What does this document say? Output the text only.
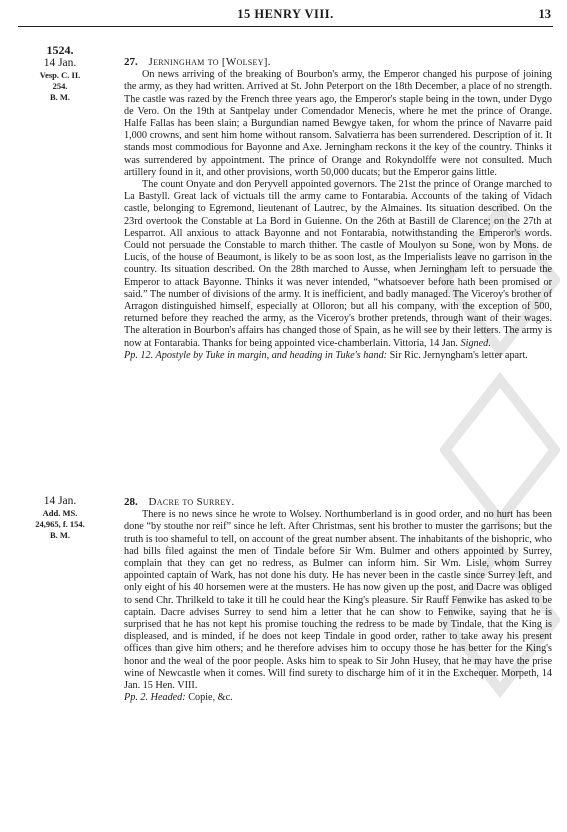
15 HENRY VIII.	13
1524.
14 Jan.
Vesp. C. II.
254.
B. M.
27. Jerningham to [Wolsey].

On news arriving of the breaking of Bourbon's army, the Emperor changed his purpose of joining the army, as they had written. Arrived at St. John Peterport on the 18th December, a place of no strength. The castle was razed by the French three years ago, the Emperor's staple being in the town, under Dygo de Vero. On the 19th at Santpelay under Comendador Menecis, where he met the prince of Orange. Halfe Fallas has been slain; a Burgundian named Bewgye taken, for whom the prince of Navarre paid 1,000 crowns, and sent him home without ransom. Salvatierra has been surrendered. Description of it. It stands most commodious for Bayonne and Axe. Jerningham reckons it the key of the country. Thinks it was surrendered by appointment. The prince of Orange and Rokyndolffe were not consulted. Much artillery found in it, and other provisions, worth 50,000 ducats; but the Emperor gains little.

The count Onyate and don Peryvell appointed governors. The 21st the prince of Orange marched to La Bastyll. Great lack of victuals till the army came to Fontarabia. Accounts of the taking of Vidach castle, belonging to Egremond, lieutenant of Lautrec, by the Almaines. Its situation described. On the 23rd overtook the Constable at La Bord in Guienne. On the 26th at Bastill de Clarence; on the 27th at Lesparrot. All anxious to attack Bayonne and not Fontarabia, notwithstanding the Emperor's words. Could not persuade the Constable to march thither. The castle of Moulyon su Sone, won by Mons. de Lucis, of the house of Beaumont, is likely to be as soon lost, as the Imperialists leave no garrison in the country. Its situation described. On the 28th marched to Ausse, when Jerningham left to persuade the Emperor to attack Bayonne. Thinks it was never intended, “whatsoever before hath been promised or said.” The number of divisions of the army. It is inefficient, and badly managed. The Viceroy's brother of Arragon distinguished himself, especially at Olloron; but all his company, with the exception of 500, returned before they reached the army, as the Viceroy's brother pretends, through want of their wages. The alteration in Bourbon's affairs has changed those of Spain, as he will see by their letters. The army is now at Fontarabia. Thanks for being appointed vice-chamberlain. Vittoria, 14 Jan. Signed.

Pp. 12. Apostyle by Tuke in margin, and heading in Tuke's hand: Sir Ric. Jernyngham's letter apart.

14 Jan.
Add. MS.
24,965, f. 154.
B. M.
28. Dacre to Surrey.

There is no news since he wrote to Wolsey. Northumberland is in good order, and no hurt has been done “by stouthe nor reif” since he left. After Christmas, sent his brother to muster the garrisons; but the truth is too shameful to tell, on account of the great number absent. The inhabitants of the bishopric, who had bills filed against the men of Tindale before Sir Wm. Bulmer and others appointed by Surrey, complain that they can get no redress, as Bulmer can inform him. Sir Wm. Lisle, whom Surrey appointed captain of Wark, has not done his duty. He has never been in the castle since Surrey left, and only eight of his 40 horsemen were at the musters. He has now given up the post, and Dacre was obliged to send Chr. Thrilkeld to take it till he could hear the King's pleasure. Sir Rauff Fenwike has asked to be captain. Dacre advises Surrey to send him a letter that he can show to Fenwike, saying that he is surprised that he has not kept his promise touching the redress to be made by Tindale, that the King is displeased, and is minded, if he does not keep Tindale in good order, rather to take away his present offices than give him others; and he therefore advises him to occupy those he has better for the King's honor and the weal of the poor people. Asks him to speak to Sir John Husey, that he may have the prise wine of Newcastle when it comes. Will find surety to discharge him of it in the Exchequer. Morpeth, 14 Jan. 15 Hen. VIII.

Pp. 2. Headed: Copie, &c.
